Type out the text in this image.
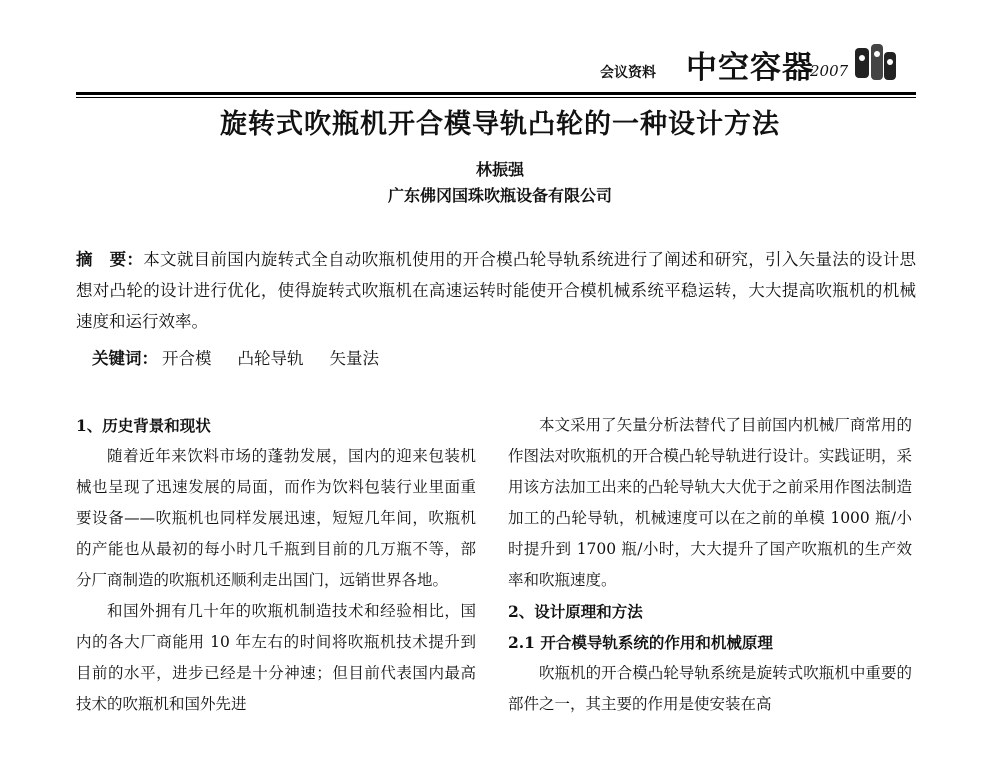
会议资料 中空容器
2007
旋转式吹瓶机开合模导轨凸轮的一种设计方法
林振强
广东佛冈国珠吹瓶设备有限公司
摘　要：本文就目前国内旋转式全自动吹瓶机使用的开合模凸轮导轨系统进行了阐述和研究，引入矢量法的设计思想对凸轮的设计进行优化，使得旋转式吹瓶机在高速运转时能使开合模机械系统平稳运转，大大提高吹瓶机的机械速度和运行效率。
关键词： 开合模 凸轮导轨 矢量法

1、历史背景和现状

随着近年来饮料市场的蓬勃发展，国内的迎来包装机械也呈现了迅速发展的局面，而作为饮料包装行业里面重要设备——吹瓶机也同样发展迅速，短短几年间，吹瓶机的产能也从最初的每小时几千瓶到目前的几万瓶不等，部分厂商制造的吹瓶机还顺利走出国门，远销世界各地。

和国外拥有几十年的吹瓶机制造技术和经验相比，国内的各大厂商能用 10 年左右的时间将吹瓶机技术提升到目前的水平，进步已经是十分神速；但目前代表国内最高技术的吹瓶机和国外先进

本文采用了矢量分析法替代了目前国内机械厂商常用的作图法对吹瓶机的开合模凸轮导轨进行设计。实践证明，采用该方法加工出来的凸轮导轨大大优于之前采用作图法制造加工的凸轮导轨，机械速度可以在之前的单模 1000 瓶/小时提升到 1700 瓶/小时，大大提升了国产吹瓶机的生产效率和吹瓶速度。

2、设计原理和方法

2.1 开合模导轨系统的作用和机械原理

吹瓶机的开合模凸轮导轨系统是旋转式吹瓶机中重要的部件之一，其主要的作用是使安装在高
